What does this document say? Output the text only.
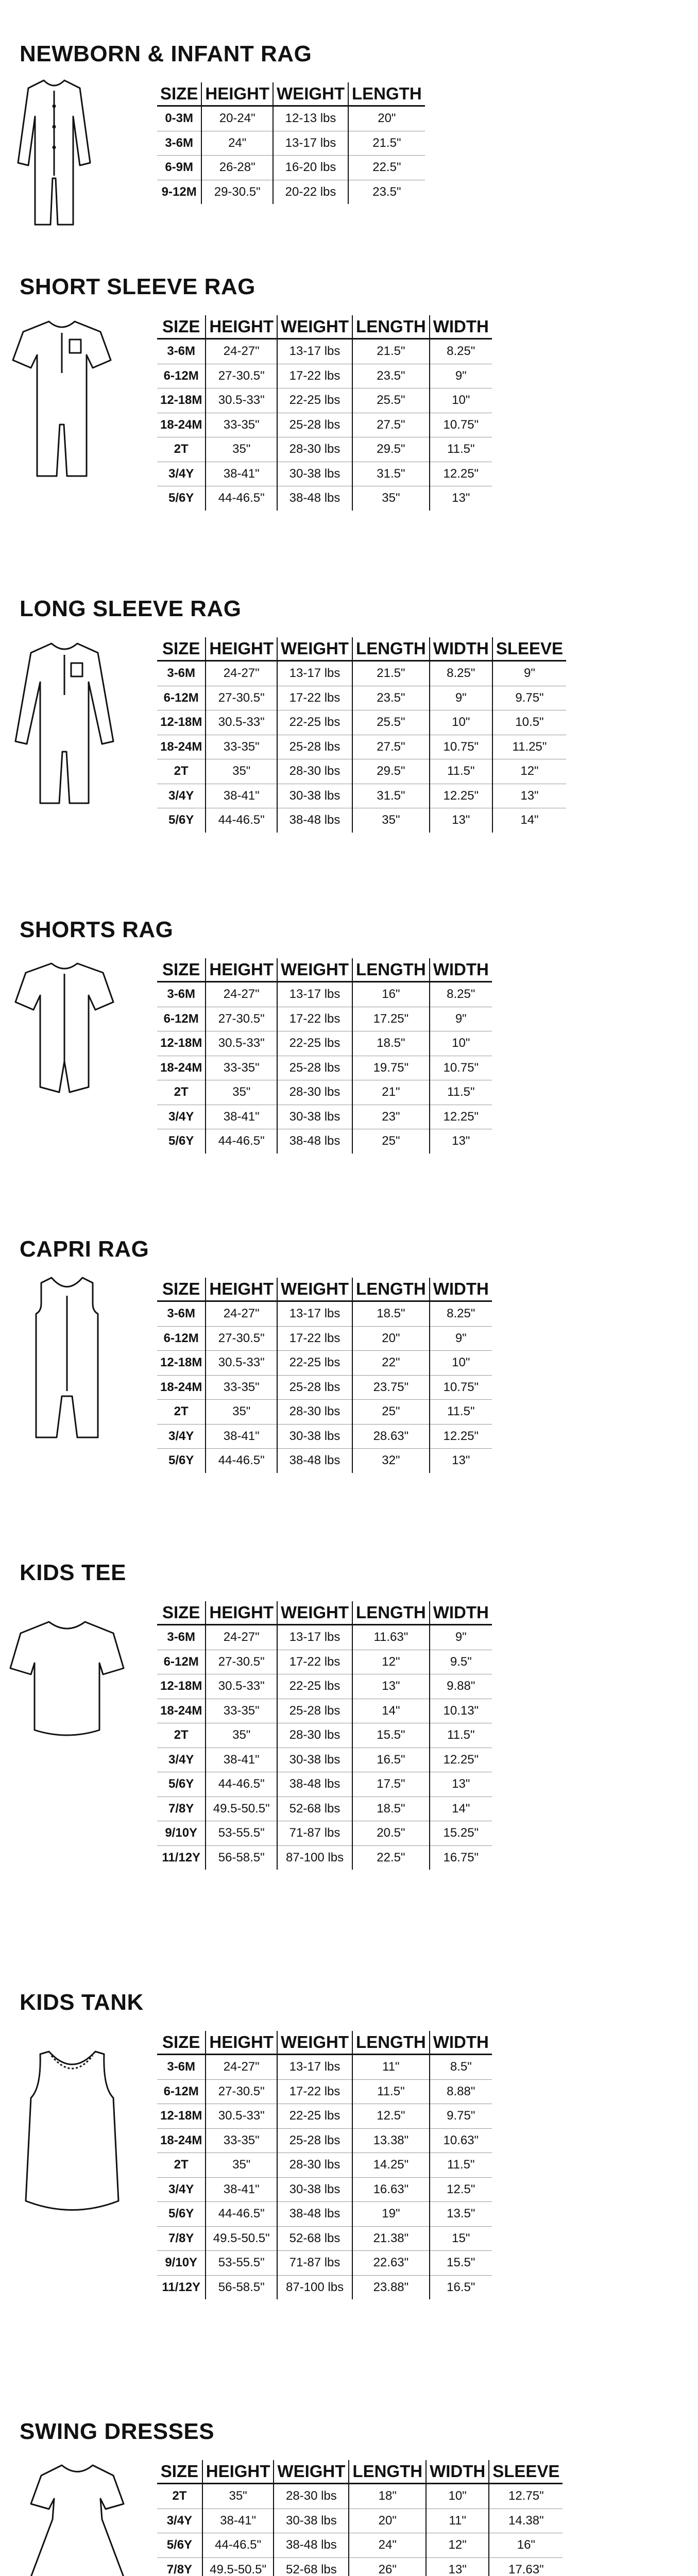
NEWBORN & INFANT RAG
SIZE	HEIGHT	WEIGHT	LENGTH
0-3M	20-24"	12-13 lbs	20"
3-6M	24"	13-17 lbs	21.5"
6-9M	26-28"	16-20 lbs	22.5"
9-12M	29-30.5"	20-22 lbs	23.5"
SHORT SLEEVE RAG
SIZE	HEIGHT	WEIGHT	LENGTH	WIDTH
3-6M	24-27"	13-17 lbs	21.5"	8.25"
6-12M	27-30.5"	17-22 lbs	23.5"	9"
12-18M	30.5-33"	22-25 lbs	25.5"	10"
18-24M	33-35"	25-28 lbs	27.5"	10.75"
2T	35"	28-30 lbs	29.5"	11.5"
3/4Y	38-41"	30-38 lbs	31.5"	12.25"
5/6Y	44-46.5"	38-48 lbs	35"	13"
LONG SLEEVE RAG
SIZE	HEIGHT	WEIGHT	LENGTH	WIDTH	SLEEVE
3-6M	24-27"	13-17 lbs	21.5"	8.25"	9"
6-12M	27-30.5"	17-22 lbs	23.5"	9"	9.75"
12-18M	30.5-33"	22-25 lbs	25.5"	10"	10.5"
18-24M	33-35"	25-28 lbs	27.5"	10.75"	11.25"
2T	35"	28-30 lbs	29.5"	11.5"	12"
3/4Y	38-41"	30-38 lbs	31.5"	12.25"	13"
5/6Y	44-46.5"	38-48 lbs	35"	13"	14"
SHORTS RAG
SIZE	HEIGHT	WEIGHT	LENGTH	WIDTH
3-6M	24-27"	13-17 lbs	16"	8.25"
6-12M	27-30.5"	17-22 lbs	17.25"	9"
12-18M	30.5-33"	22-25 lbs	18.5"	10"
18-24M	33-35"	25-28 lbs	19.75"	10.75"
2T	35"	28-30 lbs	21"	11.5"
3/4Y	38-41"	30-38 lbs	23"	12.25"
5/6Y	44-46.5"	38-48 lbs	25"	13"
CAPRI RAG
SIZE	HEIGHT	WEIGHT	LENGTH	WIDTH
3-6M	24-27"	13-17 lbs	18.5"	8.25"
6-12M	27-30.5"	17-22 lbs	20"	9"
12-18M	30.5-33"	22-25 lbs	22"	10"
18-24M	33-35"	25-28 lbs	23.75"	10.75"
2T	35"	28-30 lbs	25"	11.5"
3/4Y	38-41"	30-38 lbs	28.63"	12.25"
5/6Y	44-46.5"	38-48 lbs	32"	13"
KIDS TEE
SIZE	HEIGHT	WEIGHT	LENGTH	WIDTH
3-6M	24-27"	13-17 lbs	11.63"	9"
6-12M	27-30.5"	17-22 lbs	12"	9.5"
12-18M	30.5-33"	22-25 lbs	13"	9.88"
18-24M	33-35"	25-28 lbs	14"	10.13"
2T	35"	28-30 lbs	15.5"	11.5"
3/4Y	38-41"	30-38 lbs	16.5"	12.25"
5/6Y	44-46.5"	38-48 lbs	17.5"	13"
7/8Y	49.5-50.5"	52-68 lbs	18.5"	14"
9/10Y	53-55.5"	71-87 lbs	20.5"	15.25"
11/12Y	56-58.5"	87-100 lbs	22.5"	16.75"
KIDS TANK
SIZE	HEIGHT	WEIGHT	LENGTH	WIDTH
3-6M	24-27"	13-17 lbs	11"	8.5"
6-12M	27-30.5"	17-22 lbs	11.5"	8.88"
12-18M	30.5-33"	22-25 lbs	12.5"	9.75"
18-24M	33-35"	25-28 lbs	13.38"	10.63"
2T	35"	28-30 lbs	14.25"	11.5"
3/4Y	38-41"	30-38 lbs	16.63"	12.5"
5/6Y	44-46.5"	38-48 lbs	19"	13.5"
7/8Y	49.5-50.5"	52-68 lbs	21.38"	15"
9/10Y	53-55.5"	71-87 lbs	22.63"	15.5"
11/12Y	56-58.5"	87-100 lbs	23.88"	16.5"
SWING DRESSES
SIZE	HEIGHT	WEIGHT	LENGTH	WIDTH	SLEEVE
2T	35"	28-30 lbs	18"	10"	12.75"
3/4Y	38-41"	30-38 lbs	20"	11"	14.38"
5/6Y	44-46.5"	38-48 lbs	24"	12"	16"
7/8Y	49.5-50.5"	52-68 lbs	26"	13"	17.63"
